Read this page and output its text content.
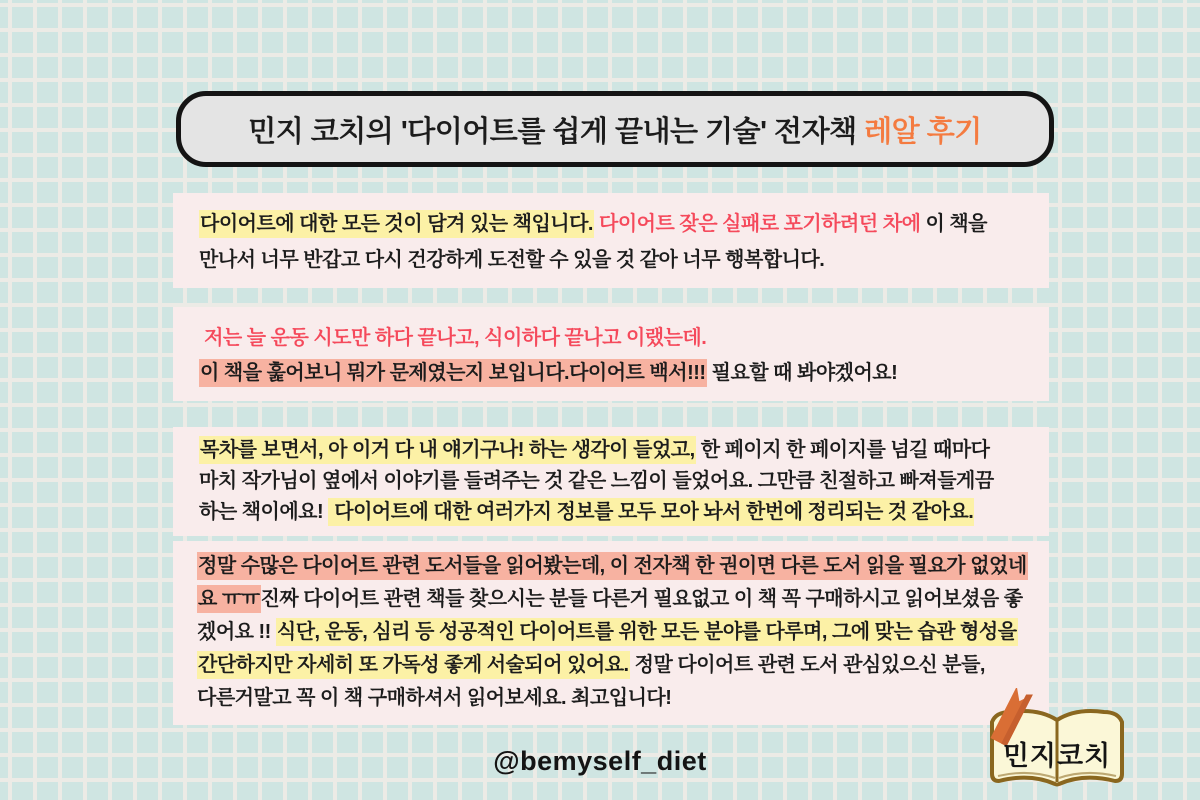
민지 코치의 '다이어트를 쉽게 끝내는 기술' 전자책 레알 후기

다이어트에 대한 모든 것이 담겨 있는 책입니다. 다이어트 잦은 실패로 포기하려던 차에 이 책을
만나서 너무 반갑고 다시 건강하게 도전할 수 있을 것 같아 너무 행복합니다.

저는 늘 운동 시도만 하다 끝나고, 식이하다 끝나고 이랬는데.
이 책을 훑어보니 뭐가 문제였는지 보입니다.다이어트 백서!!! 필요할 때 봐야겠어요!

목차를 보면서, 아 이거 다 내 얘기구나! 하는 생각이 들었고, 한 페이지 한 페이지를 넘길 때마다
마치 작가님이 옆에서 이야기를 들려주는 것 같은 느낌이 들었어요. 그만큼 친절하고 빠져들게끔
하는 책이에요!  다이어트에 대한 여러가지 정보를 모두 모아 놔서 한번에 정리되는 것 같아요.

정말 수많은 다이어트 관련 도서들을 읽어봤는데, 이 전자책 한 권이면 다른 도서 읽을 필요가 없었네
요 ㅠㅠ진짜 다이어트 관련 책들 찾으시는 분들 다른거 필요없고 이 책 꼭 구매하시고 읽어보셨음 좋
겠어요 !! 식단, 운동, 심리 등 성공적인 다이어트를 위한 모든 분야를 다루며, 그에 맞는 습관 형성을
간단하지만 자세히 또 가독성 좋게 서술되어 있어요. 정말 다이어트 관련 도서 관심있으신 분들,
다른거말고 꼭 이 책 구매하셔서 읽어보세요. 최고입니다!

@bemyself_diet	민지코치
